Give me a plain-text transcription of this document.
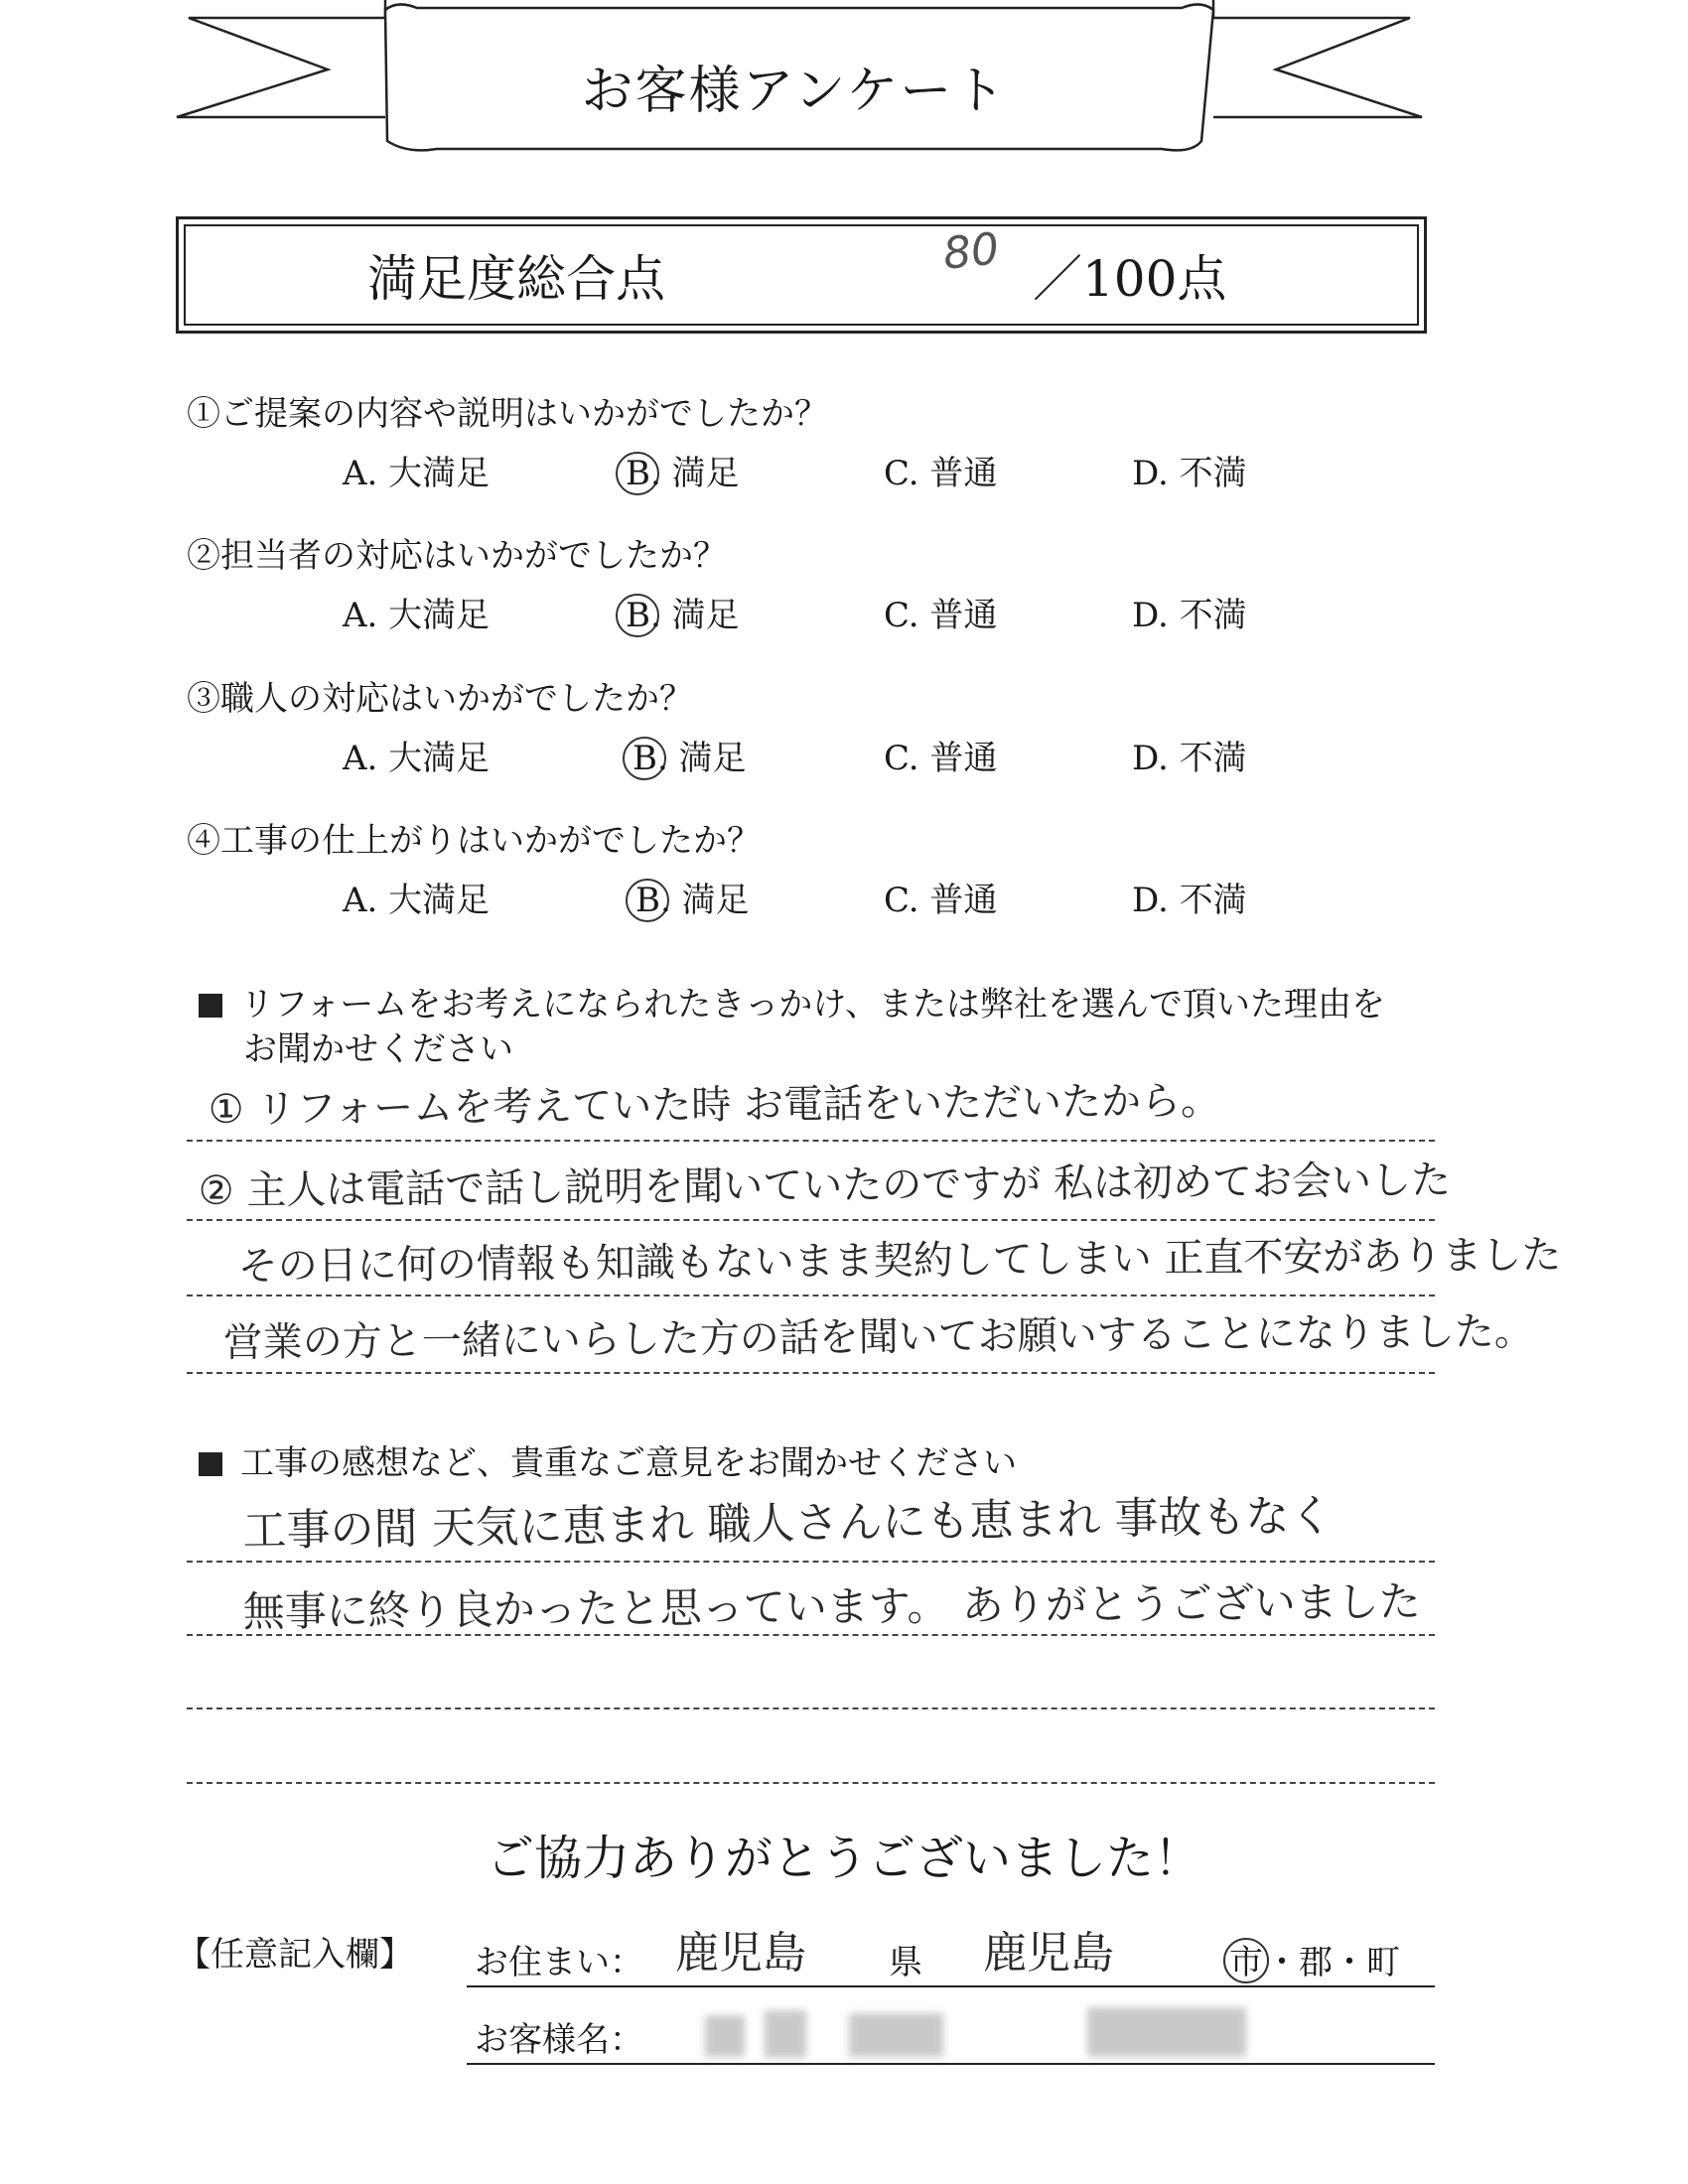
お客様アンケート
満足度総合点	80 ／100点
①ご提案の内容や説明はいかがでしたか？
A. 大満足	B. 満足	C. 普通	D. 不満
②担当者の対応はいかがでしたか？
A. 大満足	B. 満足	C. 普通	D. 不満
③職人の対応はいかがでしたか？
A. 大満足	B. 満足	C. 普通	D. 不満
④工事の仕上がりはいかがでしたか？
A. 大満足	B. 満足	C. 普通	D. 不満
リフォームをお考えになられたきっかけ、または弊社を選んで頂いた理由を
お聞かせください
① リフォームを考えていた時 お電話をいただいたから。
② 主人は電話で話し説明を聞いていたのですが 私は初めてお会いした
その日に何の情報も知識もないまま契約してしまい 正直不安がありました
営業の方と一緒にいらした方の話を聞いてお願いすることになりました。
工事の感想など、貴重なご意見をお聞かせください
工事の間 天気に恵まれ 職人さんにも恵まれ 事故もなく
無事に終り良かったと思っています。 ありがとうございました
ご協力ありがとうございました！
【任意記入欄】 お住まい： 鹿児島 県 鹿児島	市 ・郡・町
お客様名：
